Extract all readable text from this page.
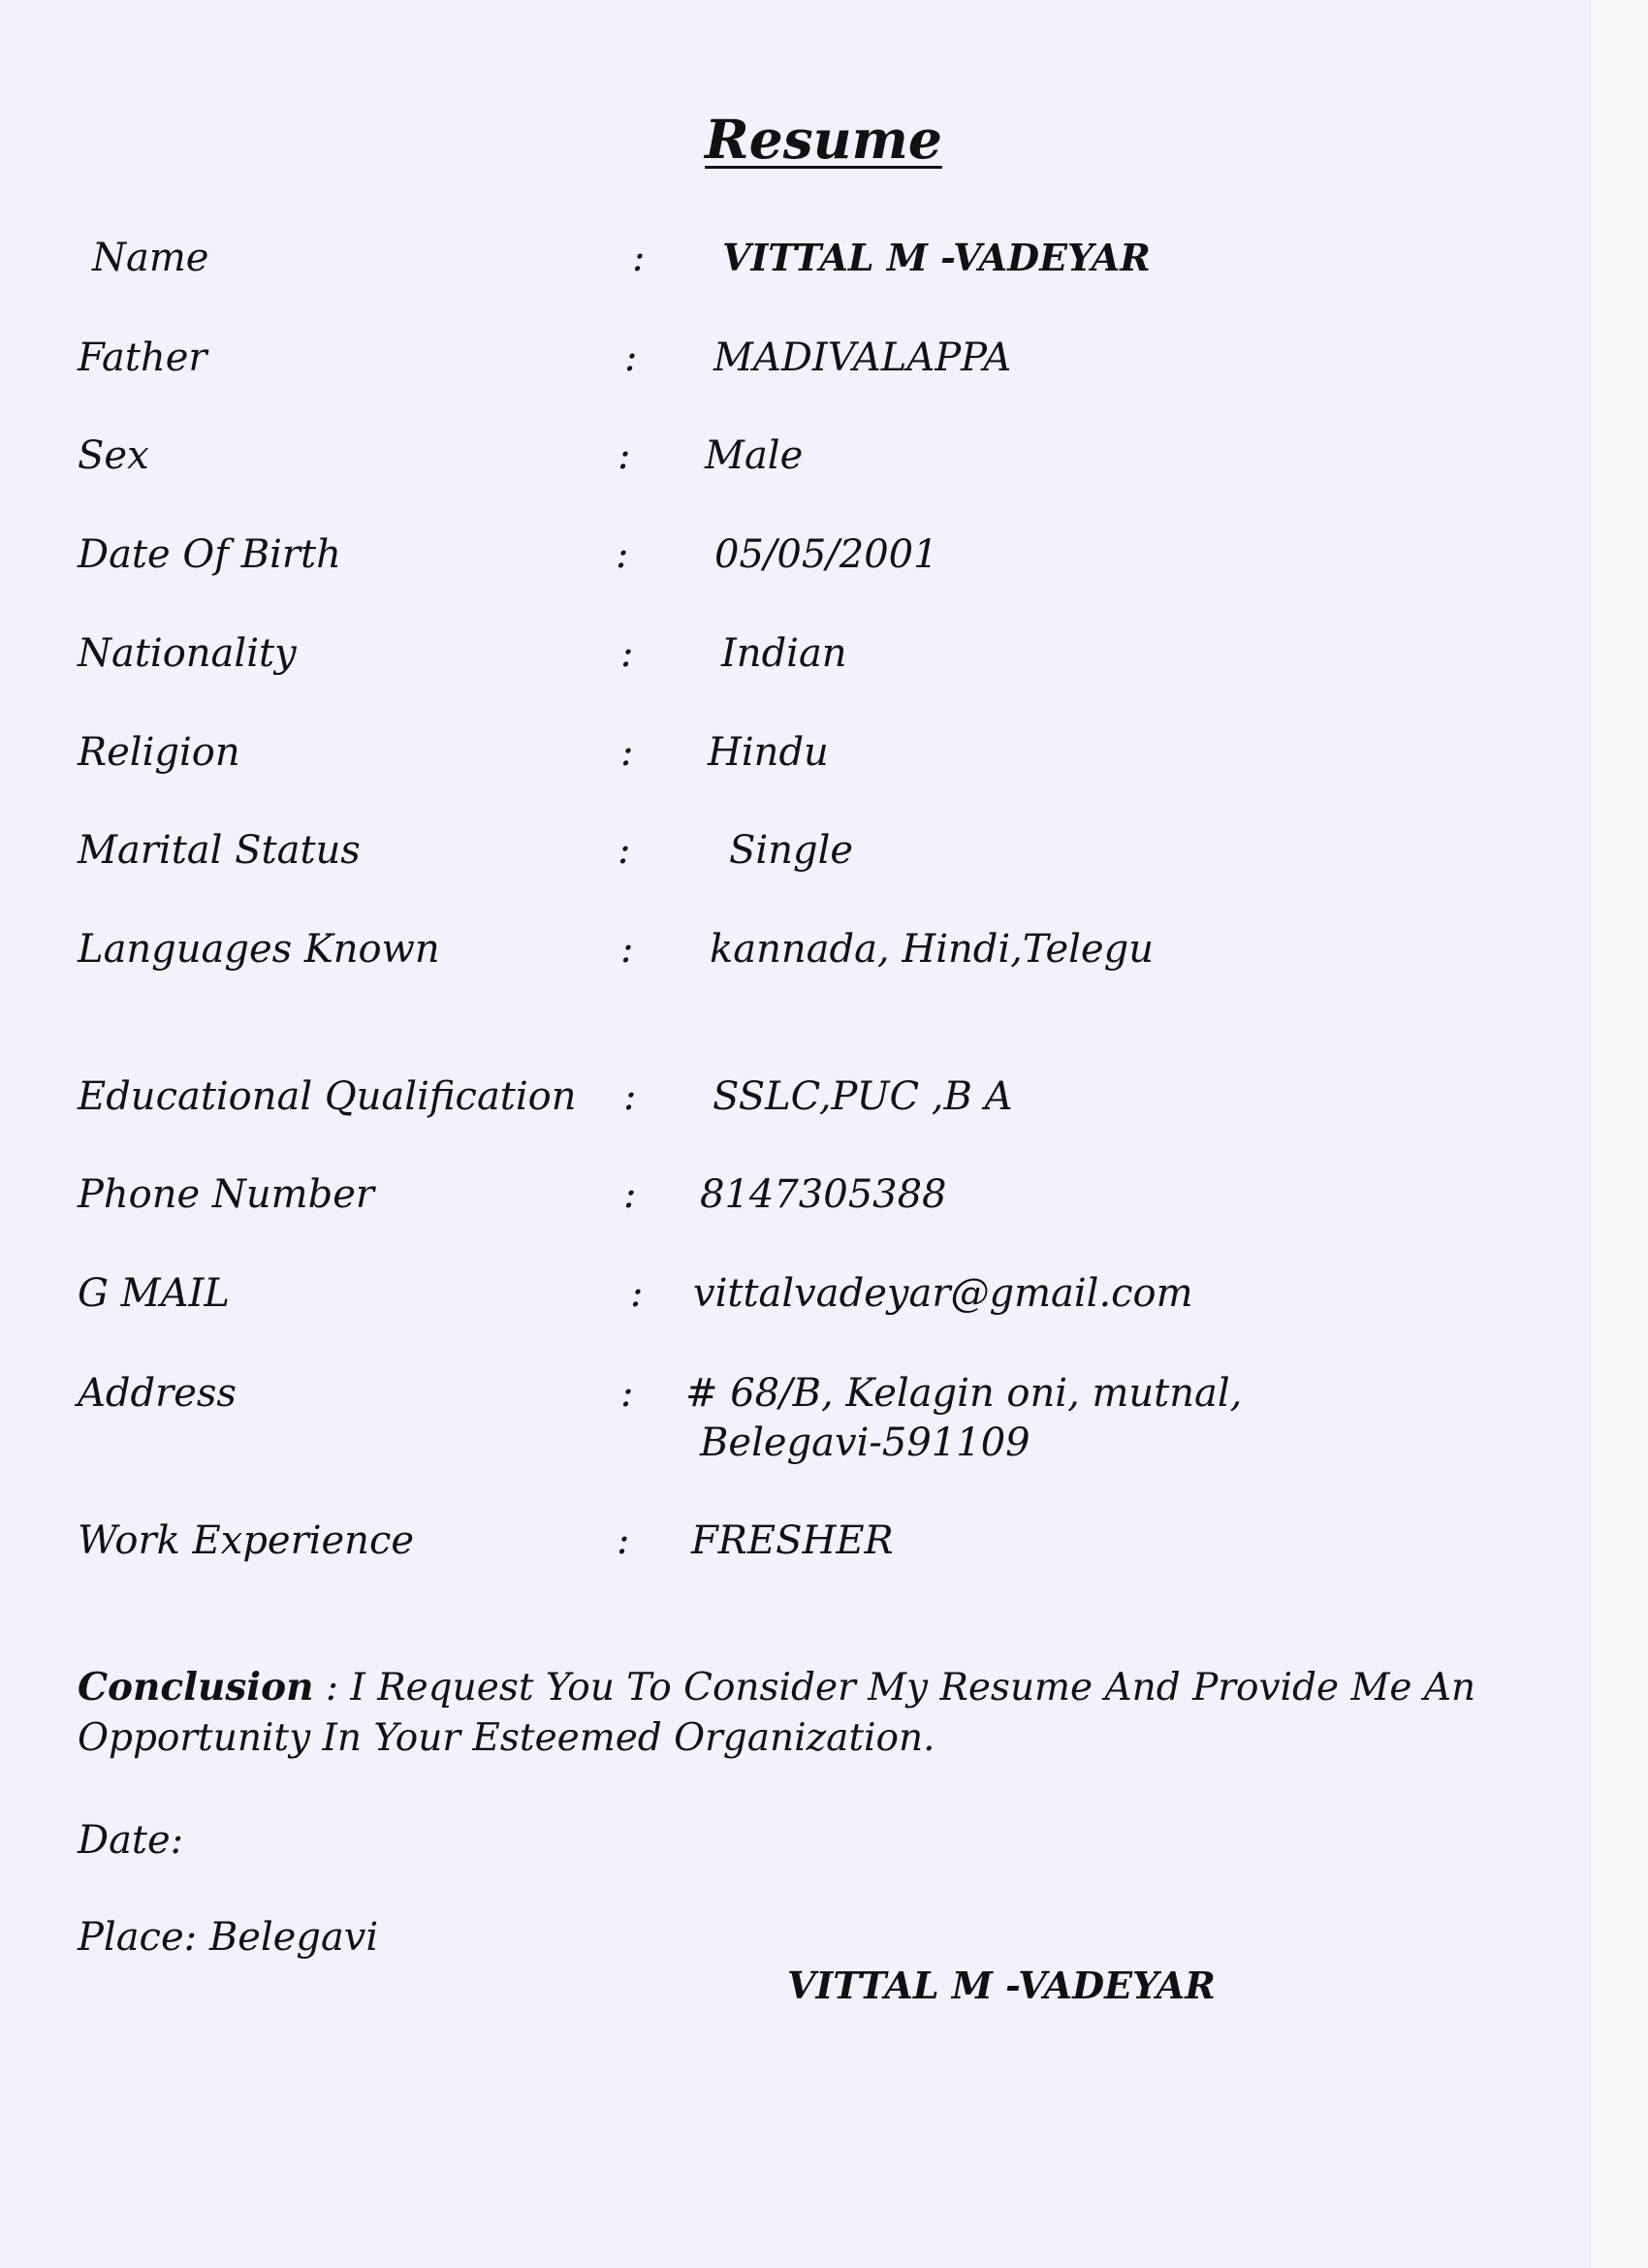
Resume
Name	: VITTAL M -VADEYAR
Father	: MADIVALAPPA
Sex	: Male
Date Of Birth	: 05/05/2001
Nationality	: Indian
Religion	: Hindu
Marital Status	:	Single
Languages Known	: kannada, Hindi,Telegu
Educational Qualification : SSLC,PUC ,B A
Phone Number	: 8147305388
G MAIL	: vittalvadeyar@gmail.com
Address	: # 68/B, Kelagin oni, mutnal,
Belegavi-591109
Work Experience	: FRESHER
Conclusion : I Request You To Consider My Resume And Provide Me An Opportunity In Your Esteemed Organization.
Date:
Place: Belegavi
VITTAL M -VADEYAR
